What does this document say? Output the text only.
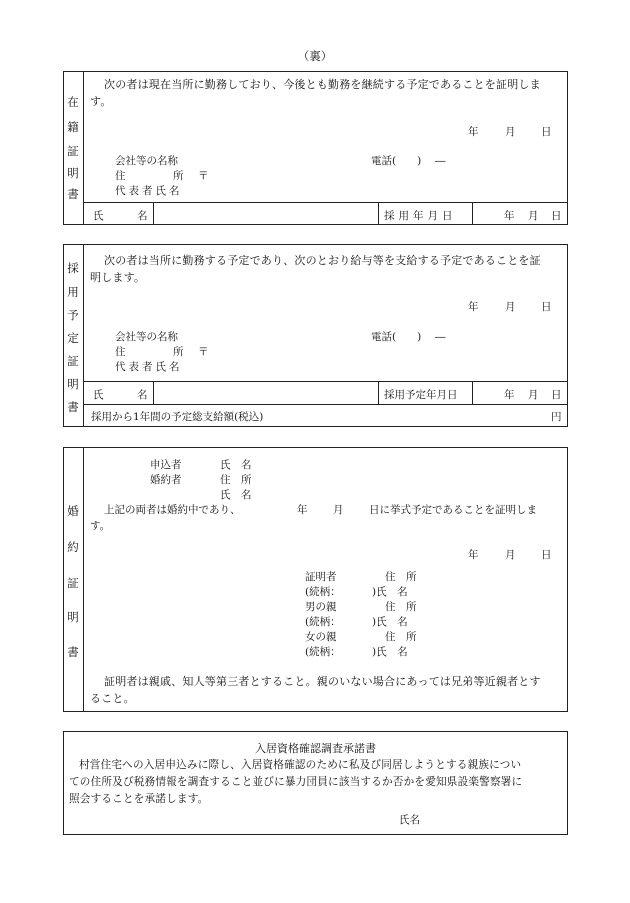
（裏）
在
籍
証
明
書
次の者は現在当所に勤務しており、今後とも勤務を継続する予定であることを証明しま
す。
年	月 日
会社等の名称	電話(　　)　 ―
住	所 〒
代表者氏名
氏	名	採用年月日	年 月 日
採
用
予
定
証
明
書
次の者は当所に勤務する予定であり、次のとおり給与等を支給する予定であることを証
明します。
年	月 日
会社等の名称	電話(　　)　 ―
住	所 〒
代表者氏名
氏	名	採用予定年月日	年 月 日
採用から1年間の予定総支給額(税込)	円
婚
約
証
明
書
申込者	氏　名
婚約者	住　所
氏　名
上記の両者は婚約中であり、	年 月 日に挙式予定であることを証明しま
す。
年	月 日
証明者	住　所
(続柄：	)氏　名
男の親	住　所
(続柄：	)氏　名
女の親	住　所
(続柄：	)氏　名
証明者は親戚、知人等第三者とすること。親のいない場合にあっては兄弟等近親者とす
ること。
入居資格確認調査承諾書
村営住宅への入居申込みに際し、入居資格確認のために私及び同居しようとする親族につい
ての住所及び税務情報を調査すること並びに暴力団員に該当するか否かを愛知県設楽警察署に
照会することを承諾します。
氏名
